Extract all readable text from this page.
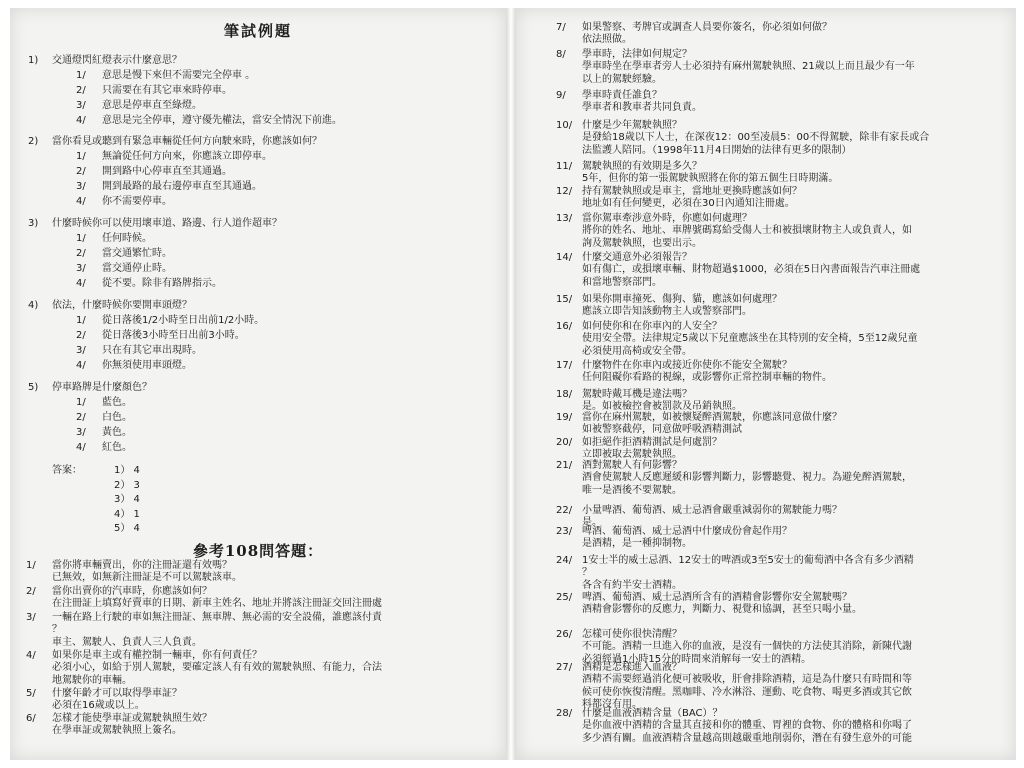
筆試例題
1) 交通燈閃紅燈表示什麼意思？
1/ 意思是慢下來但不需要完全停車 。
2/ 只需要在有其它車來時停車。
3/ 意思是停車直至綠燈。
4/ 意思是完全停車，遵守優先權法，當安全情況下前進。
2) 當你看見或聽到有緊急車輛從任何方向駛來時，你應該如何？
1/ 無論從任何方向來，你應該立即停車。
2/ 開到路中心停車直至其通過。
3/ 開到最路的最右邊停車直至其通過。
4/ 你不需要停車。
3) 什麼時候你可以使用壞車道、路邊、行人道作超車？
1/ 任何時候。
2/ 當交通繁忙時。
3/ 當交通停止時。
4/ 從不要。除非有路牌指示。
4) 依法，什麼時候你要開車頭燈？
1/ 從日落後1/2小時至日出前1/2小時。
2/ 從日落後3小時至日出前3小時。
3/ 只在有其它車出現時。
4/ 你無須使用車頭燈。
5) 停車路牌是什麼顏色？
1/ 藍色。
2/ 白色。
3/ 黃色。
4/ 紅色。
答案：	1） 4
2） 3
3） 4
4） 1
5） 4
參考108問答題：
1/ 當你將車輛賣出，你的注冊証還有效嗎？
已無效，如無新注冊証是不可以駕駛該車。
2/ 當你出賣你的汽車時，你應該如何？
在注冊証上填寫好賣車的日期、新車主姓名、地址并將該注冊証交回注冊處
3/ 一輛在路上行駛的車如無注冊証、無車牌、無必需的安全設備，誰應該付責
？
車主、駕駛人、負責人三人負責。
4/ 如果你是車主或有權控制一輛車，你有何責任？
必須小心，如給于別人駕駛，要確定該人有有效的駕駛執照、有能力，合法
地駕駛你的車輛。
5/ 什麼年齡才可以取得學車証？
必須在16歲或以上。
6/ 怎樣才能使學車証或駕駛執照生效？
在學車証或駕駛執照上簽名。
7/ 如果警察、考牌官或調查人員要你簽名，你必須如何做？
依法照做。
8/ 學車時，法律如何規定？
學車時坐在學車者旁人士必須持有麻州駕駛執照、21歲以上而且最少有一年
以上的駕駛經驗。
9/ 學車時責任誰負？
學車者和教車者共同負責。
10/ 什麼是少年駕駛執照？
是發給18歲以下人士，在深夜12：00至凌晨5：00不得駕駛，除非有家長或合
法監護人陪同。（1998年11月4日開始的法律有更多的限制）
11/ 駕駛執照的有效期是多久？
5年，但你的第一張駕駛執照將在你的第五個生日時期滿。
12/ 持有駕駛執照或是車主，當地址更換時應該如何？
地址如有任何變更，必須在30日內通知注冊處。
13/ 當你駕車牽涉意外時，你應如何處理？
將你的姓名、地址、車牌號碼寫給受傷人士和被損壞財物主人或負責人，如
詢及駕駛執照，也要出示。
14/ 什麼交通意外必須報告？
如有傷亡，或損壞車輛、財物超過$1000，必須在5日內書面報告汽車注冊處
和當地警察部門。
15/ 如果你開車撞死、傷狗、貓，應該如何處理？
應該立即告知該動物主人或警察部門。
16/ 如何使你和在你車內的人安全？
使用安全帶。法律規定5歲以下兒童應該坐在其特別的安全椅，5至12歲兒童
必須使用高椅或安全帶。
17/ 什麼物件在你車內或接近你使你不能安全駕駛？
任何阻礙你看路的視線，或影響你正常控制車輛的物件。
18/ 駕駛時戴耳機是違法嗎？
是。如被檢控會被罰款及吊銷執照。
19/ 當你在麻州駕駛，如被懷疑醉酒駕駛，你應該同意做什麼？
如被警察截停，同意做呼吸酒精測試
20/ 如拒絕作拒酒精測試是何處罰？
立即被取去駕駛執照。
21/ 酒對駕駛人有何影響？
酒會使駕駛人反應遲緩和影響判斷力，影響聽覺、視力。為避免醉酒駕駛，
唯一是酒後不要駕駛。
22/ 小量啤酒、葡萄酒、威士忌酒會嚴重減弱你的駕駛能力嗎？
是。
23/ 啤酒、葡萄酒、威士忌酒中什麼成份會起作用？
是酒精，是一種抑制物。
24/ 1安士半的威士忌酒、12安士的啤酒或3至5安士的葡萄酒中各含有多少酒精
？
各含有約半安士酒精。
25/ 啤酒、葡萄酒、威士忌酒所含有的酒精會影響你安全駕駛嗎？
酒精會影響你的反應力，判斷力、視覺和協調，甚至只喝小量。
26/ 怎樣可使你很快清醒？
不可能。酒精一旦進入你的血液，是沒有一個快的方法使其消除，新陳代謝
必須經過1小時15分的時間來消解每一安士的酒精。
27/ 酒精是怎樣進入血液？
酒精不需要經過消化便可被吸收，肝會排除酒精，這是為什麼只有時間和等
候可使你恢復清醒。黑咖啡、冷水淋浴、運動、吃食物、喝更多酒或其它飲
料都沒有用。
28/ 什麼是血液酒精含量（BAC）？
是你血液中酒精的含量其直接和你的體重、胃裡的食物、你的體格和你喝了
多少酒有關。血液酒精含量越高則越嚴重地削弱你，潛在有發生意外的可能
